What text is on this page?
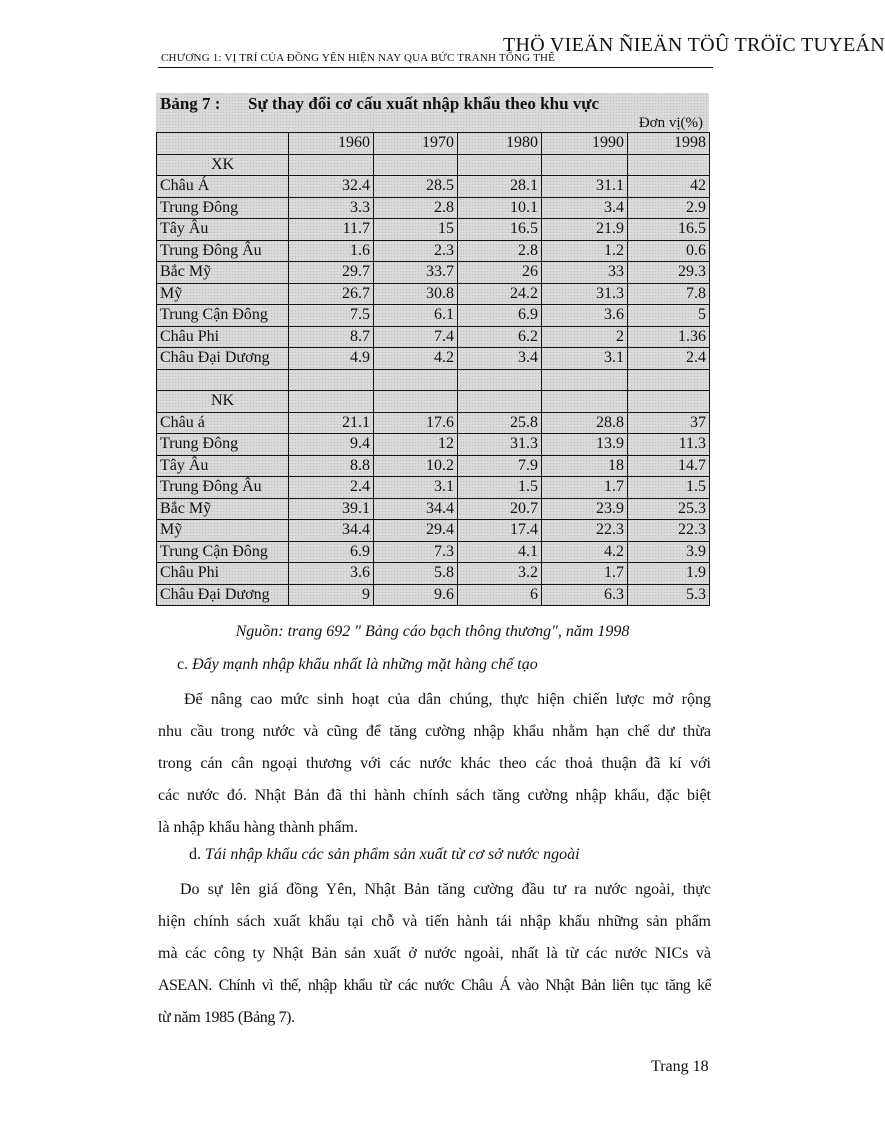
THÖ VIEÄN ÑIEÄN TÖÛ TRÖÏC TUYEÁN
CHƯƠNG 1: VỊ TRÍ CỦA ĐỒNG YÊN HIỆN NAY QUA BỨC TRANH TỔNG THỂ
Bảng 7 : Sự thay đổi cơ cấu xuất nhập khẩu theo khu vực
Đơn vị(%)
	1960	1970	1980	1990	1998
XK					
Châu Á	32.4	28.5	28.1	31.1	42
Trung Đông	3.3	2.8	10.1	3.4	2.9
Tây Âu	11.7	15	16.5	21.9	16.5
Trung Đông Âu	1.6	2.3	2.8	1.2	0.6
Bắc Mỹ	29.7	33.7	26	33	29.3
Mỹ	26.7	30.8	24.2	31.3	7.8
Trung Cận Đông	7.5	6.1	6.9	3.6	5
Châu Phi	8.7	7.4	6.2	2	1.36
Châu Đại Dương	4.9	4.2	3.4	3.1	2.4

NK					
Châu á	21.1	17.6	25.8	28.8	37
Trung Đông	9.4	12	31.3	13.9	11.3
Tây Âu	8.8	10.2	7.9	18	14.7
Trung Đông Âu	2.4	3.1	1.5	1.7	1.5
Bắc Mỹ	39.1	34.4	20.7	23.9	25.3
Mỹ	34.4	29.4	17.4	22.3	22.3
Trung Cận Đông	6.9	7.3	4.1	4.2	3.9
Châu Phi	3.6	5.8	3.2	1.7	1.9
Châu Đại Dương	9	9.6	6	6.3	5.3
Nguồn: trang 692 " Bảng cáo bạch thông thương", năm 1998
c. Đẩy mạnh nhập khẩu nhất là những mặt hàng chế tạo
Để nâng cao mức sinh hoạt của dân chúng, thực hiện chiến lược mở rộng
nhu cầu trong nước và cũng để tăng cường nhập khẩu nhằm hạn chế dư thừa
trong cán cân ngoại thương với các nước khác theo các thoả thuận đã kí với
các nước đó. Nhật Bản đã thi hành chính sách tăng cường nhập khẩu, đặc biệt
là nhập khẩu hàng thành phẩm.
d. Tái nhập khẩu các sản phẩm sản xuất từ cơ sở nước ngoài
Do sự lên giá đồng Yên, Nhật Bản tăng cường đầu tư ra nước ngoài, thực
hiện chính sách xuất khẩu tại chỗ và tiến hành tái nhập khẩu những sản phẩm
mà các công ty Nhật Bản sản xuất ở nước ngoài, nhất là từ các nước NICs và
ASEAN. Chính vì thế, nhập khẩu từ các nước Châu Á vào Nhật Bản liên tục tăng kể
từ năm 1985 (Bảng 7).
Trang 18
